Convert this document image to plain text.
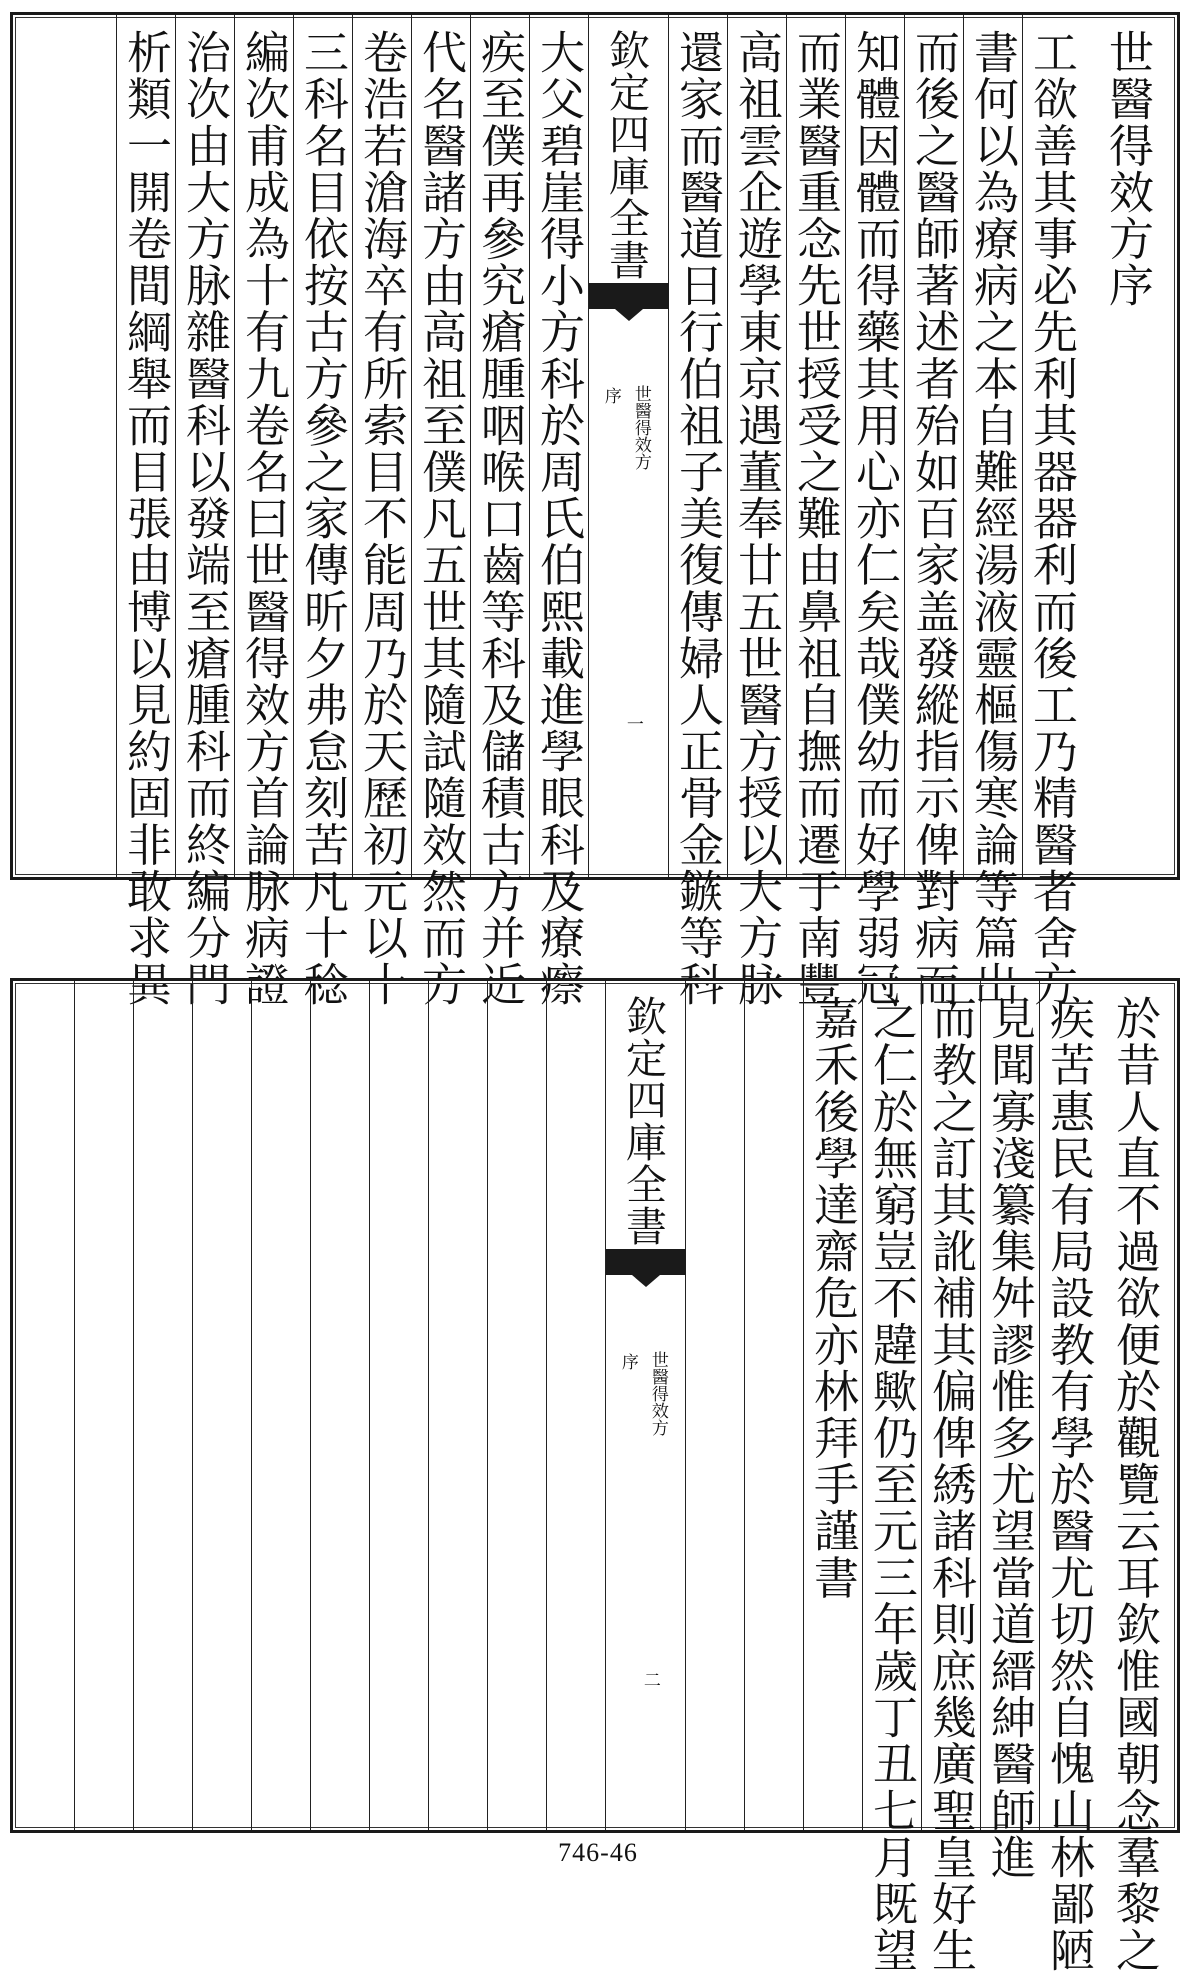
世醫得效方序
工欲善其事必先利其器器利而後工乃精醫者舍方
書何以為療病之本自難經湯液靈樞傷寒論等篇出
而後之醫師著述者殆如百家盖發縱指示俾對病而
知體因體而得藥其用心亦仁矣哉僕幼而好學弱冠
而業醫重念先世授受之難由鼻祖自撫而遷于南豐
高祖雲企遊學東京遇董奉廿五世醫方授以大方脉
還家而醫道日行伯祖子美復傳婦人正骨金鏃等科
欽定四庫全書
世醫得效方
序
一
大父碧崖得小方科於周氏伯熙載進學眼科及療瘵
疾至僕再參究瘡腫咽喉口齒等科及儲積古方并近
代名醫諸方由高祖至僕凡五世其隨試隨效然而方
卷浩若滄海卒有所索目不能周乃於天歷初元以十
三科名目依按古方參之家傳昕夕弗怠刻苦凡十稔
編次甫成為十有九卷名曰世醫得效方首論脉病證
治次由大方脉雜醫科以發端至瘡腫科而終編分門
析類一開卷間綱舉而目張由博以見約固非敢求異
於昔人直不過欲便於觀覽云耳欽惟國朝念羣黎之
疾苦惠民有局設教有學於醫尤切然自愧山林鄙陋
見聞寡淺纂集舛謬惟多尤望當道縉紳醫師進
而教之訂其訛補其偏俾綉諸科則庶幾廣聖皇好生
之仁於無窮豈不韙歟仍至元三年歲丁丑七月既望
嘉禾後學達齋危亦林拜手謹書
欽定四庫全書
世醫得效方
序
二
746-46
